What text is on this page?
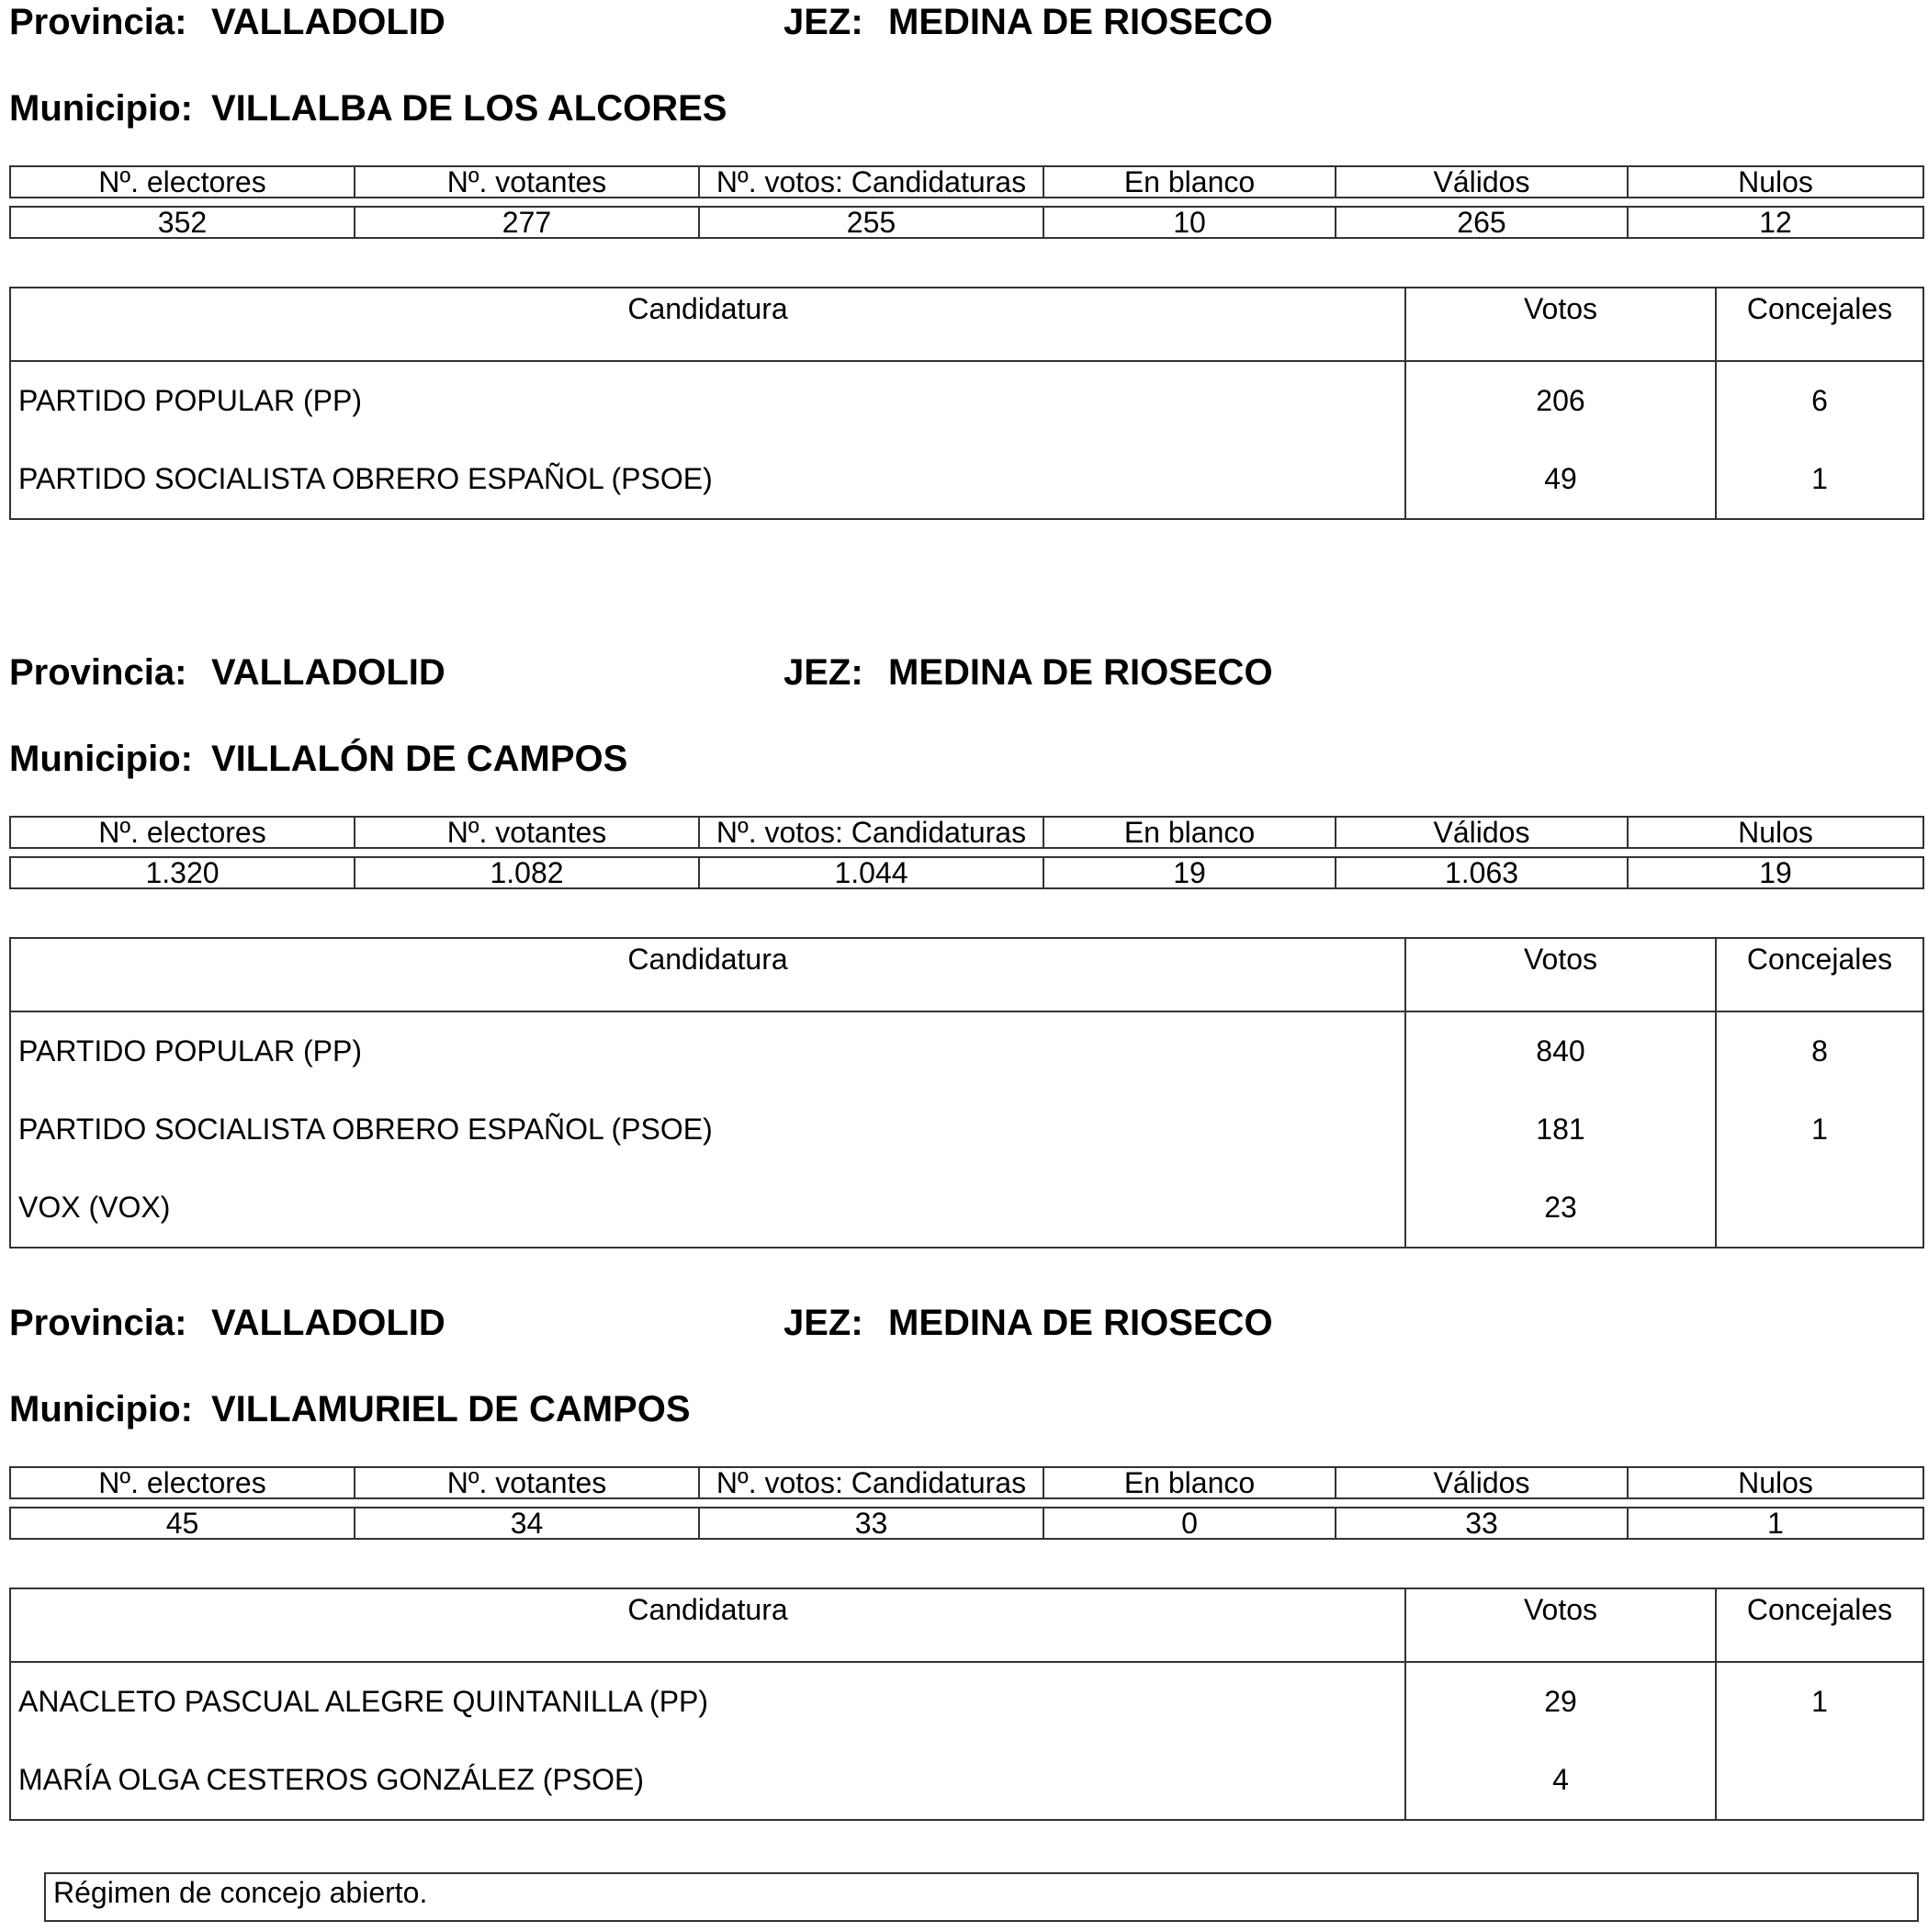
Provincia: VALLADOLID	JEZ: MEDINA DE RIOSECO
Municipio: VILLALBA DE LOS ALCORES
Nº. electores	Nº. votantes	Nº. votos: Candidaturas	En blanco	Válidos	Nulos

352	277	255	10	265	12
Candidatura	Votos	Concejales
PARTIDO POPULAR (PP)	206	6
PARTIDO SOCIALISTA OBRERO ESPAÑOL (PSOE)	49	1
Provincia: VALLADOLID	JEZ: MEDINA DE RIOSECO
Municipio: VILLALÓN DE CAMPOS
Nº. electores	Nº. votantes	Nº. votos: Candidaturas	En blanco	Válidos	Nulos

1.320	1.082	1.044	19	1.063	19
Candidatura	Votos	Concejales
PARTIDO POPULAR (PP)	840	8
PARTIDO SOCIALISTA OBRERO ESPAÑOL (PSOE)	181	1
VOX (VOX)	23	
Provincia: VALLADOLID	JEZ: MEDINA DE RIOSECO
Municipio: VILLAMURIEL DE CAMPOS
Nº. electores	Nº. votantes	Nº. votos: Candidaturas	En blanco	Válidos	Nulos

45	34	33	0	33	1
Candidatura	Votos	Concejales
ANACLETO PASCUAL ALEGRE QUINTANILLA (PP)	29	1
MARÍA OLGA CESTEROS GONZÁLEZ (PSOE)	4	
Régimen de concejo abierto.
